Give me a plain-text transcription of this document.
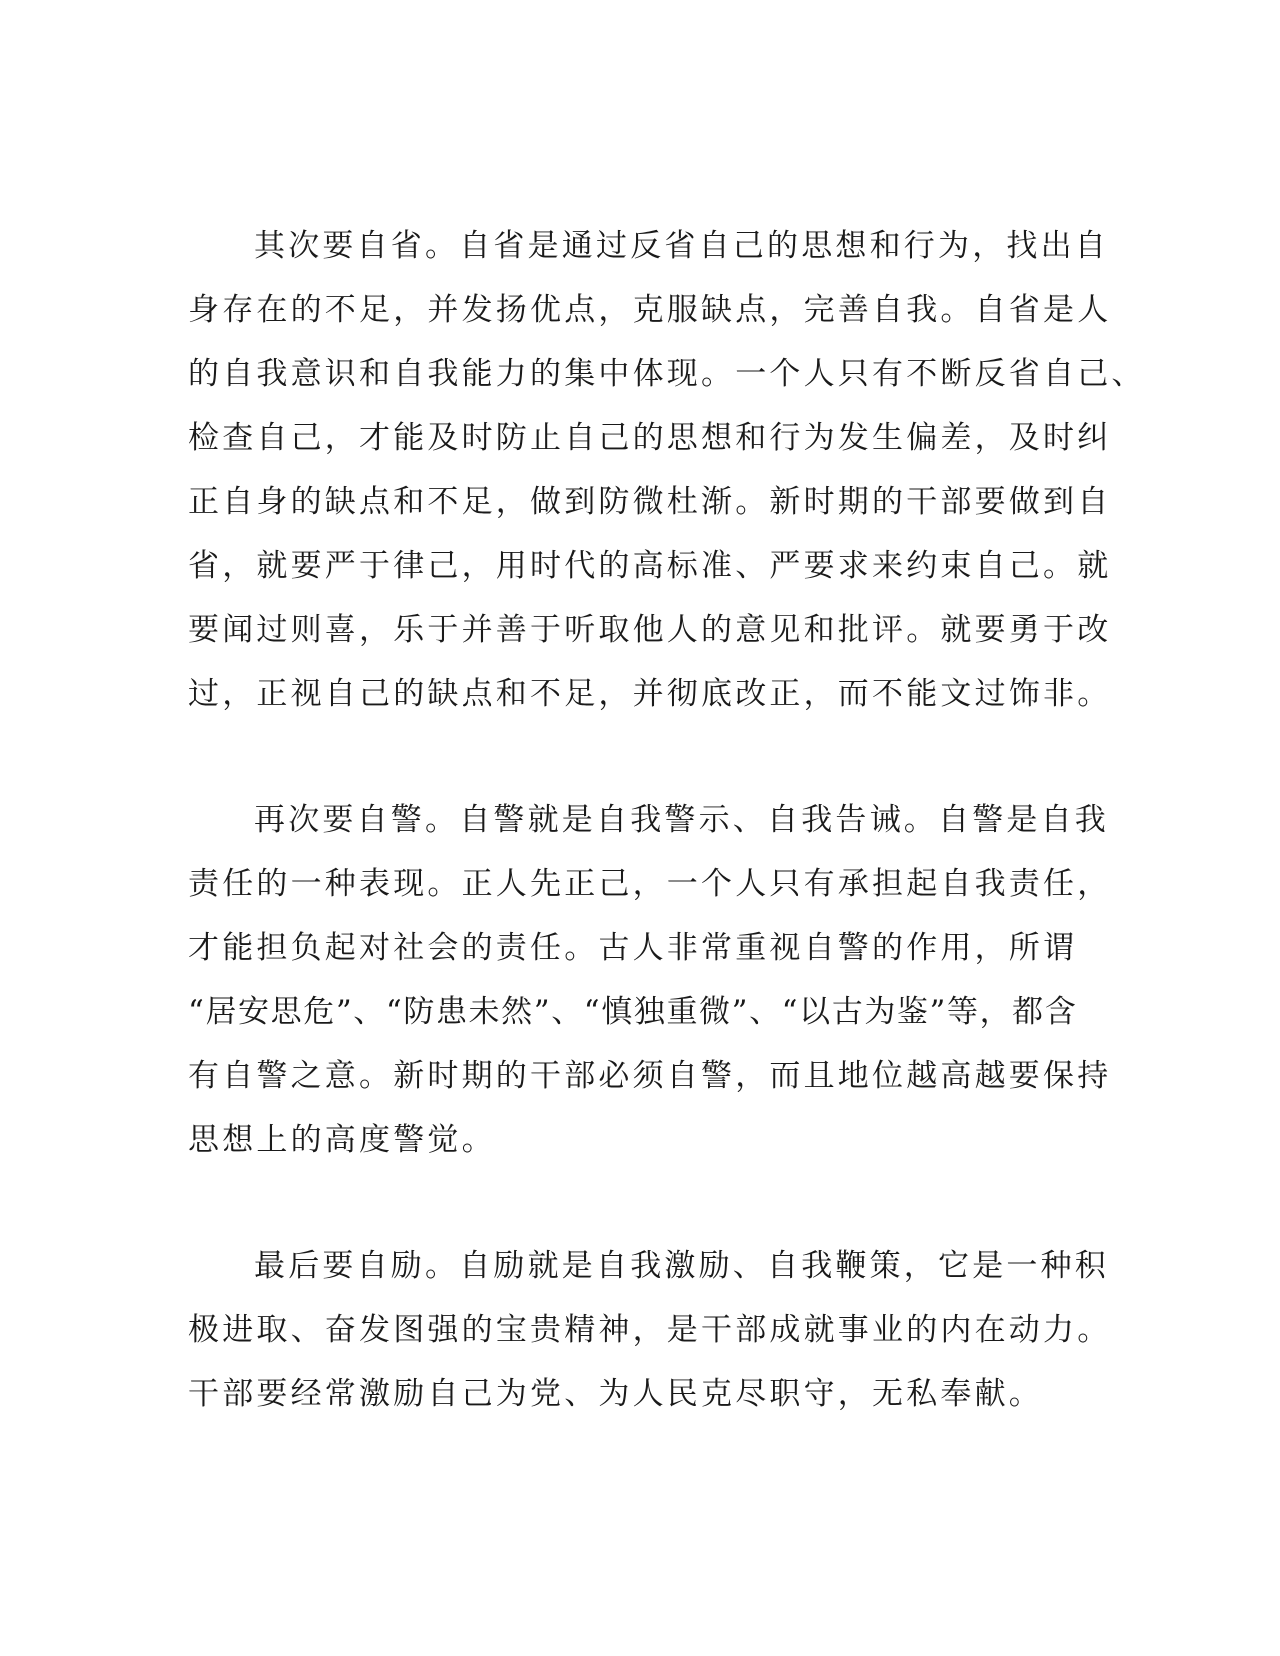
其次要自省。自省是通过反省自己的思想和行为，找出自

身存在的不足，并发扬优点，克服缺点，完善自我。自省是人

的自我意识和自我能力的集中体现。一个人只有不断反省自己、

检查自己，才能及时防止自己的思想和行为发生偏差，及时纠

正自身的缺点和不足，做到防微杜渐。新时期的干部要做到自

省，就要严于律己，用时代的高标准、严要求来约束自己。就

要闻过则喜，乐于并善于听取他人的意见和批评。就要勇于改

过，正视自己的缺点和不足，并彻底改正，而不能文过饰非。

再次要自警。自警就是自我警示、自我告诫。自警是自我

责任的一种表现。正人先正己，一个人只有承担起自我责任，

才能担负起对社会的责任。古人非常重视自警的作用，所谓

“居安思危”、“防患未然”、“慎独重微”、“以古为鉴”等，都含

有自警之意。新时期的干部必须自警，而且地位越高越要保持

思想上的高度警觉。

最后要自励。自励就是自我激励、自我鞭策，它是一种积

极进取、奋发图强的宝贵精神，是干部成就事业的内在动力。

干部要经常激励自己为党、为人民克尽职守，无私奉献。
